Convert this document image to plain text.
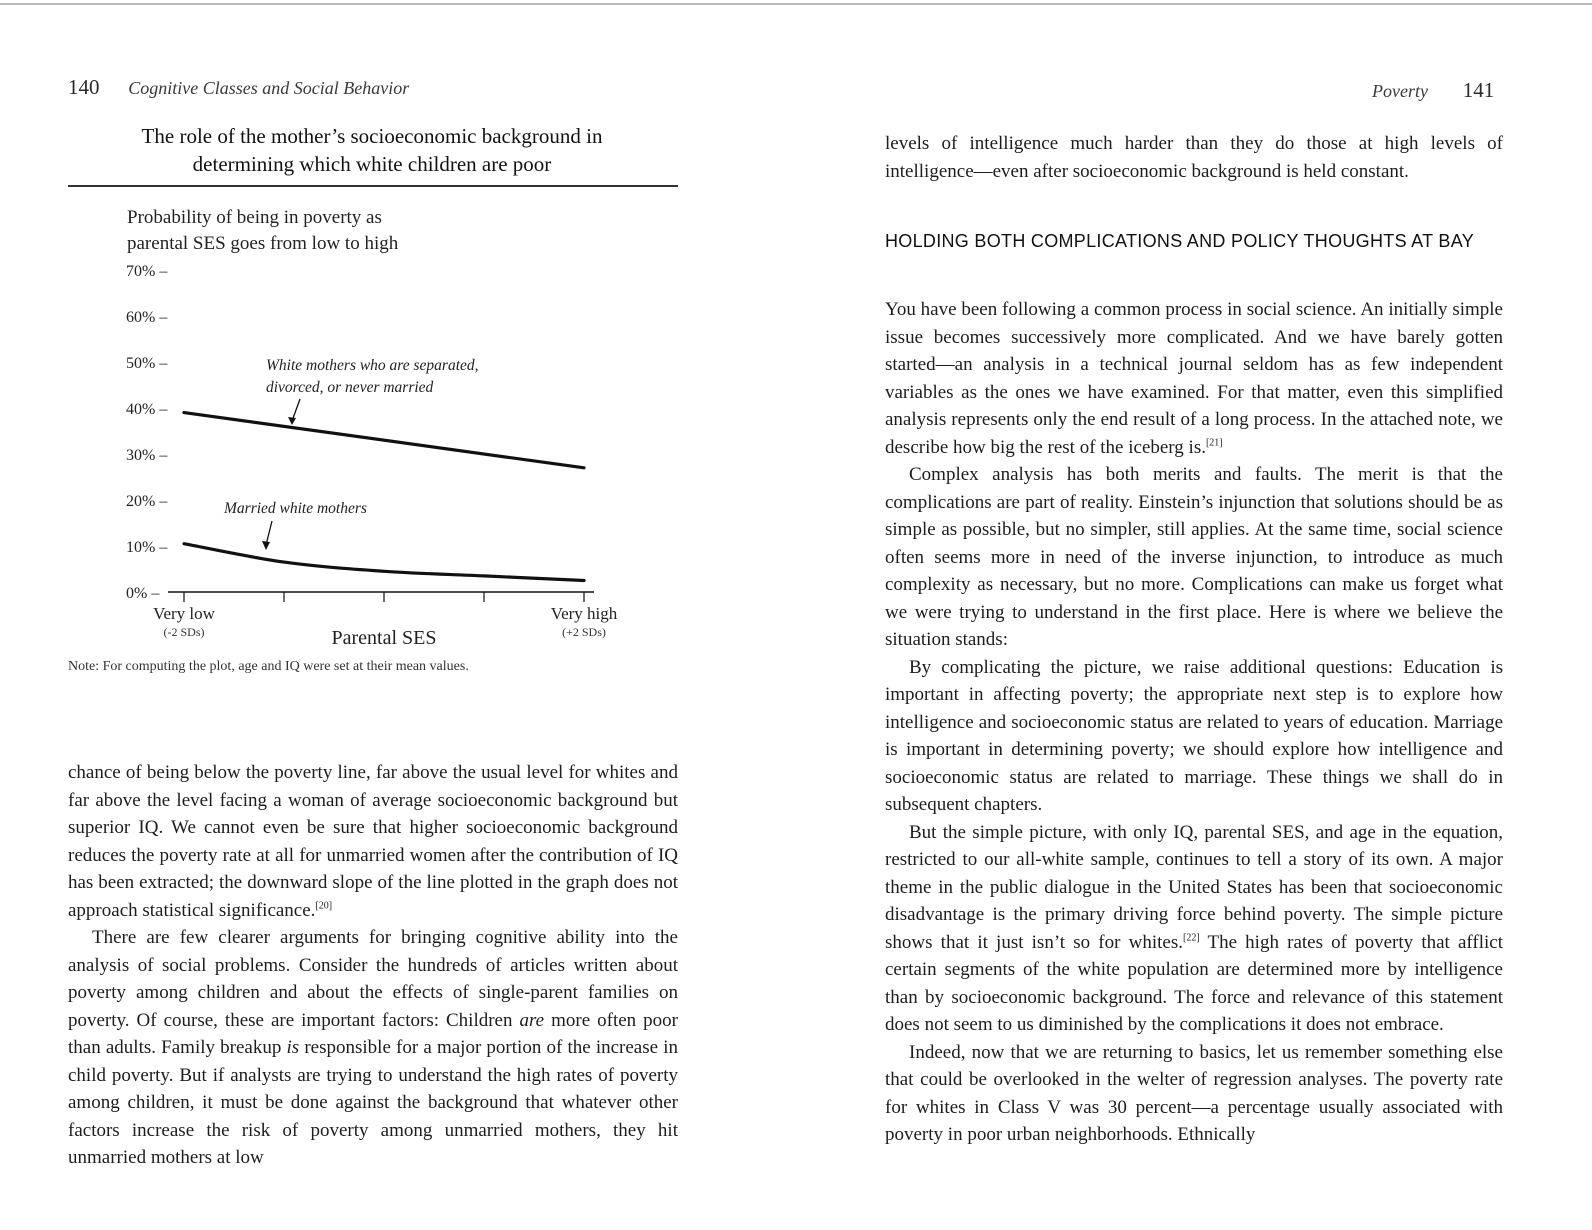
140 Cognitive Classes and Social Behavior
The role of the mother’s socioeconomic background in
determining which white children are poor
Probability of being in poverty as
parental SES goes from low to high
0% –
10% –
20% –
30% –
40% –
50% –
60% –
70% –
Very low
(-2 SDs)
Very high
(+2 SDs)
Parental SES
White mothers who are separated,
divorced, or never married
Married white mothers
Note: For computing the plot, age and IQ were set at their mean values.

chance of being below the poverty line, far above the usual level for whites and far above the level facing a woman of average socioeconomic background but superior IQ. We cannot even be sure that higher socioeconomic background reduces the poverty rate at all for unmarried women after the contribution of IQ has been extracted; the downward slope of the line plotted in the graph does not approach statistical significance.[20]

There are few clearer arguments for bringing cognitive ability into the analysis of social problems. Consider the hundreds of articles written about poverty among children and about the effects of single-parent families on poverty. Of course, these are important factors: Children are more often poor than adults. Family breakup is responsible for a major portion of the increase in child poverty. But if analysts are trying to understand the high rates of poverty among children, it must be done against the background that whatever other factors increase the risk of poverty among unmarried mothers, they hit unmarried mothers at low

Poverty 141

levels of intelligence much harder than they do those at high levels of intelligence—even after socioeconomic background is held constant.

HOLDING BOTH COMPLICATIONS AND POLICY THOUGHTS AT BAY

You have been following a common process in social science. An initially simple issue becomes successively more complicated. And we have barely gotten started—an analysis in a technical journal seldom has as few independent variables as the ones we have examined. For that matter, even this simplified analysis represents only the end result of a long process. In the attached note, we describe how big the rest of the iceberg is.[21]

Complex analysis has both merits and faults. The merit is that the complications are part of reality. Einstein’s injunction that solutions should be as simple as possible, but no simpler, still applies. At the same time, social science often seems more in need of the inverse injunction, to introduce as much complexity as necessary, but no more. Complications can make us forget what we were trying to understand in the first place. Here is where we believe the situation stands:

By complicating the picture, we raise additional questions: Education is important in affecting poverty; the appropriate next step is to explore how intelligence and socioeconomic status are related to years of education. Marriage is important in determining poverty; we should explore how intelligence and socioeconomic status are related to marriage. These things we shall do in subsequent chapters.

But the simple picture, with only IQ, parental SES, and age in the equation, restricted to our all-white sample, continues to tell a story of its own. A major theme in the public dialogue in the United States has been that socioeconomic disadvantage is the primary driving force behind poverty. The simple picture shows that it just isn’t so for whites.[22] The high rates of poverty that afflict certain segments of the white population are determined more by intelligence than by socioeconomic background. The force and relevance of this statement does not seem to us diminished by the complications it does not embrace.

Indeed, now that we are returning to basics, let us remember something else that could be overlooked in the welter of regression analyses. The poverty rate for whites in Class V was 30 percent—a percentage usually associated with poverty in poor urban neighborhoods. Ethnically
